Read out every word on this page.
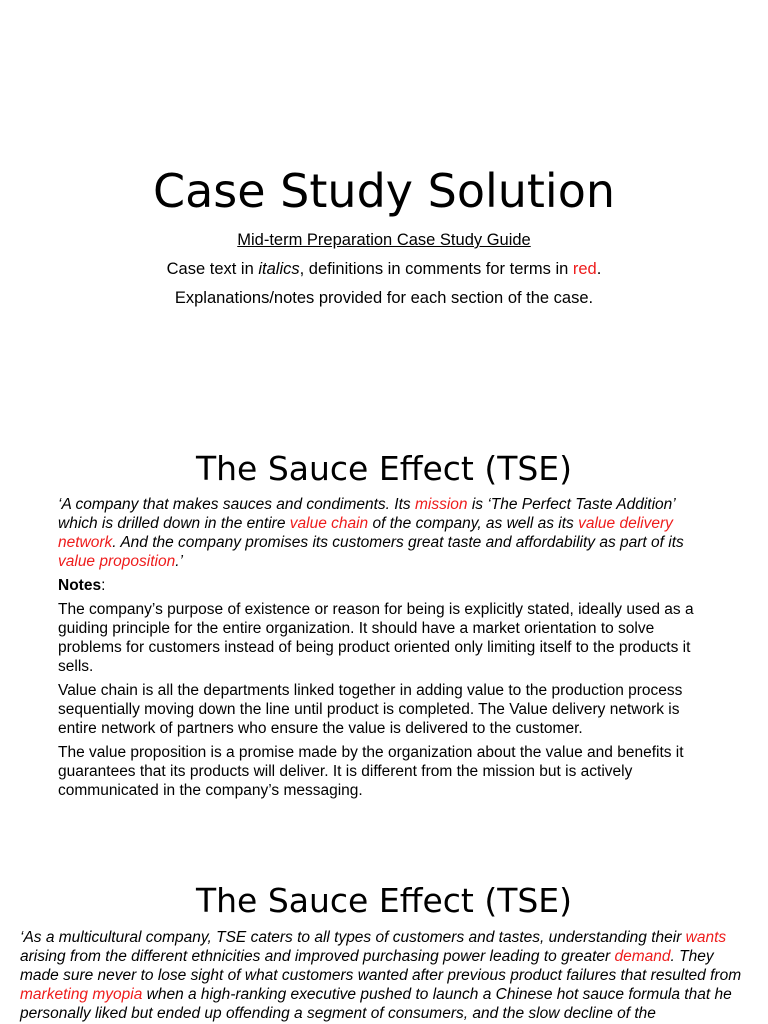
Case Study Solution
Mid-term Preparation Case Study Guide
Case text in italics, definitions in comments for terms in red.
Explanations/notes provided for each section of the case.
The Sauce Effect (TSE)
‘A company that makes sauces and condiments. Its mission is ‘The Perfect Taste Addition’ which is drilled down in the entire value chain of the company, as well as its value delivery network. And the company promises its customers great taste and affordability as part of its value proposition.’
Notes:
The company’s purpose of existence or reason for being is explicitly stated, ideally used as a guiding principle for the entire organization. It should have a market orientation to solve problems for customers instead of being product oriented only limiting itself to the products it sells.
Value chain is all the departments linked together in adding value to the production process sequentially moving down the line until product is completed. The Value delivery network is entire network of partners who ensure the value is delivered to the customer.
The value proposition is a promise made by the organization about the value and benefits it guarantees that its products will deliver. It is different from the mission but is actively communicated in the company’s messaging.
The Sauce Effect (TSE)
‘As a multicultural company, TSE caters to all types of customers and tastes, understanding their wants arising from the different ethnicities and improved purchasing power leading to greater demand. They made sure never to lose sight of what customers wanted after previous product failures that resulted from marketing myopia when a high-ranking executive pushed to launch a Chinese hot sauce formula that he personally liked but ended up offending a segment of consumers, and the slow decline of the
